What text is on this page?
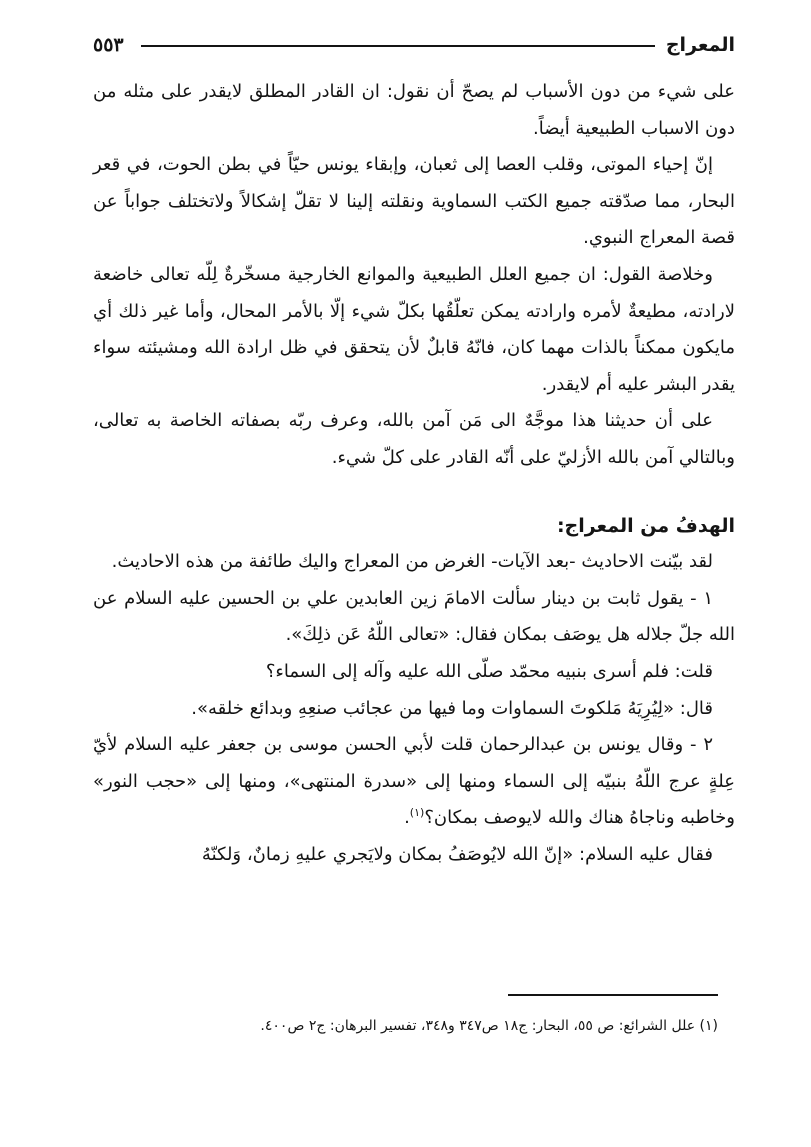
المعراج
٥٥٣

على شيء من دون الأسباب لم يصحّ أن نقول: ان القادر المطلق لايقدر على مثله من دون الاسباب الطبيعية أيضاً.

إنّ إحياء الموتى، وقلب العصا إلى ثعبان، وإبقاء يونس حيّاً في بطن الحوت، في قعر البحار، مما صدّقته جميع الكتب السماوية ونقلته إلينا لا تقلّ إشكالاً ولاتختلف جواباً عن قصة المعراج النبوي.

وخلاصة القول: ان جميع العلل الطبيعية والموانع الخارجية مسخّرةٌ لِلّه تعالى خاضعة لارادته، مطيعةٌ لأمره وارادته يمكن تعلّقُها بكلّ شيء إلّا بالأمر المحال، وأما غير ذلك أي مايكون ممكناً بالذات مهما كان، فانّهُ قابلٌ لأن يتحقق في ظل ارادة الله ومشيئته سواء يقدر البشر عليه أم لايقدر.

على أن حديثنا هذا موجَّهٌ الى مَن آمن بالله، وعرف ربّه بصفاته الخاصة به تعالى، وبالتالي آمن بالله الأزليّ على أنّه القادر على كلّ شيء.

الهدفُ من المعراج:

لقد بيّنت الاحاديث -بعد الآيات- الغرض من المعراج واليك طائفة من هذه الاحاديث.

١ - يقول ثابت بن دينار سألت الامامَ زين العابدين علي بن الحسين عليه السلام عن الله جلّ جلاله هل يوصَف بمكان فقال: «تعالى اللّهُ عَن ذلِكَ».

قلت: فلم أسرى بنبيه محمّد صلّى الله عليه وآله إلى السماء؟

قال: «لِيُرِيَهُ مَلكوتَ السماوات وما فيها من عجائب صنعِهِ وبدائع خلقه».

٢ - وقال يونس بن عبدالرحمان قلت لأبي الحسن موسى بن جعفر عليه السلام لأيّ عِلةٍ عرج اللّهُ بنبيّه إلى السماء ومنها إلى «سدرة المنتهى»، ومنها إلى «حجب النور» وخاطبه وناجاهُ هناك والله لايوصف بمكان؟$^{(١)}$.

فقال عليه السلام: «إنّ الله لايُوصَفُ بمكان ولايَجري عليهِ زمانٌ، وَلكنّهُ

(١) علل الشرائع: ص ٥٥، البحار: ج١٨ ص٣٤٧ و٣٤٨، تفسير البرهان: ج٢ ص٤٠٠.
